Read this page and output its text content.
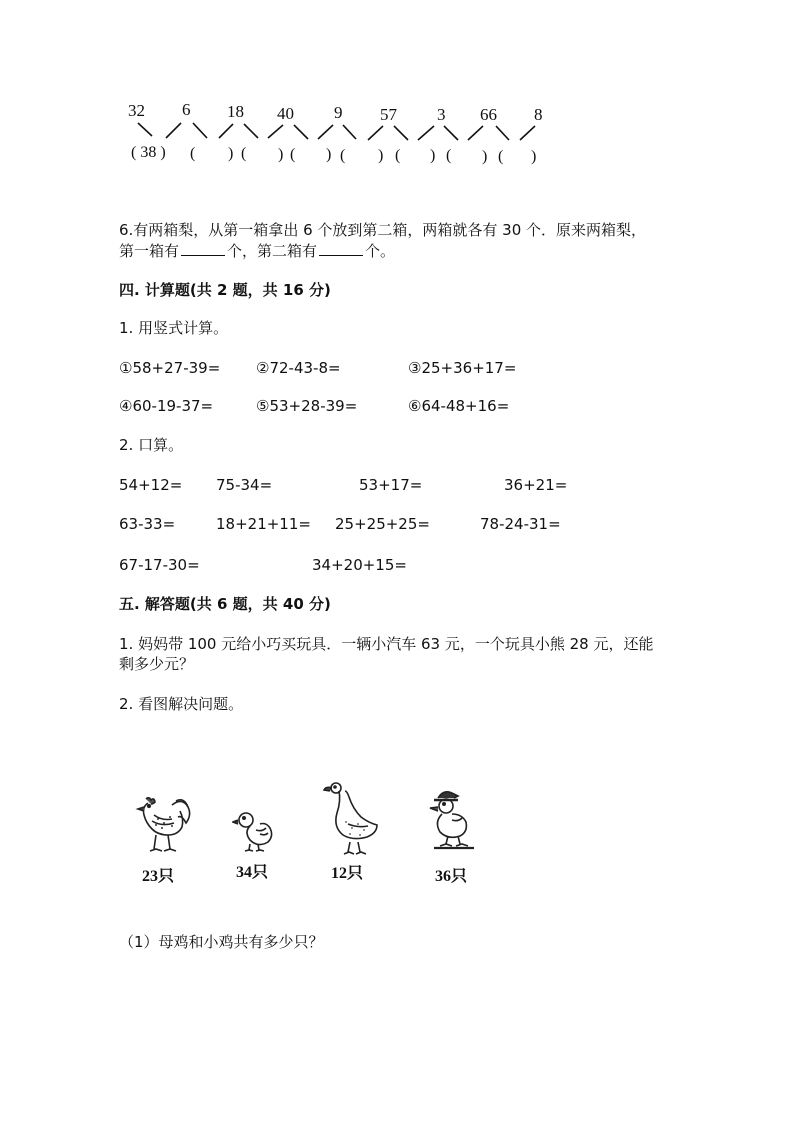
32 6 18 40 9 57 3 66 8
( 38 ) ( ) ( ) ( ) ( ) ( ) ( ) ( )
6.有两箱梨，从第一箱拿出 6 个放到第二箱，两箱就各有 30 个．原来两箱梨，
第一箱有	个，第二箱有	个。
四. 计算题(共 2 题，共 16 分)
1. 用竖式计算。
①58+27-39= ②72-43-8=	③25+36+17=
④60-19-37=	⑤53+28-39=	⑥64-48+16=
2. 口算。
54+12= 75-34=	53+17=	36+21=
63-33=	18+21+11= 25+25+25=	78-24-31=
67-17-30=	34+20+15=
五. 解答题(共 6 题，共 40 分)
1. 妈妈带 100 元给小巧买玩具．一辆小汽车 63 元，一个玩具小熊 28 元，还能
剩多少元？
2. 看图解决问题。
23只	34只	12只	36只
（1）母鸡和小鸡共有多少只？
